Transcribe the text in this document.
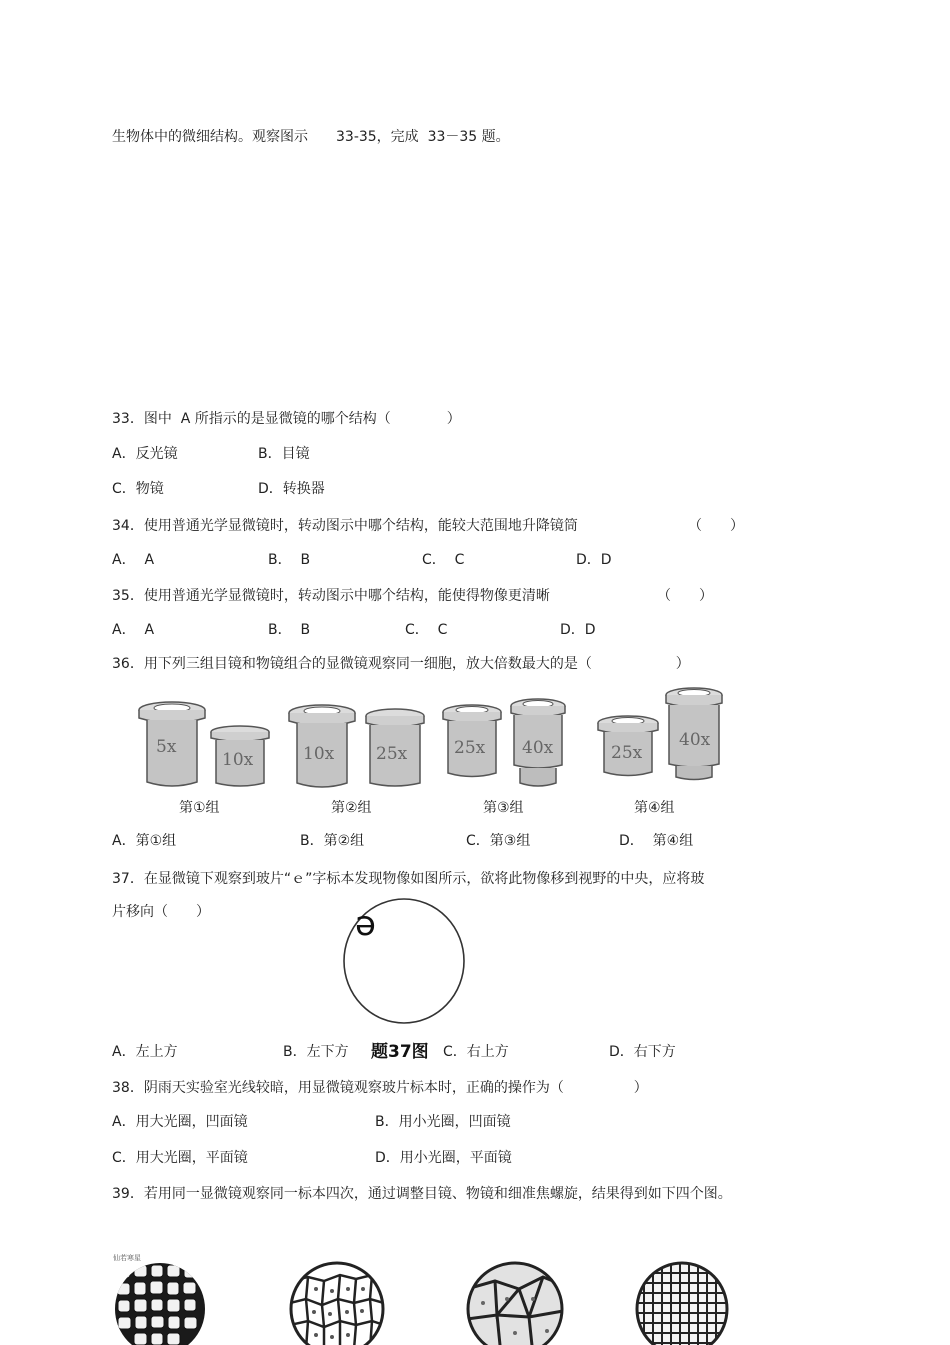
生物体中的微细结构。观察图示　　33-35，完成  33－35 题。
33．图中  A 所指示的是显微镜的哪个结构（　　　　）
A．反光镜	B．目镜
C．物镜	D．转换器
34．使用普通光学显微镜时，转动图示中哪个结构，能较大范围地升降镜筒	（　　）
A．  A	B．  B	C．  C	D．D
35．使用普通光学显微镜时，转动图示中哪个结构，能使得物像更清晰	（　　）
A．  A	B．  B	C．  C	D．D
36．用下列三组目镜和物镜组合的显微镜观察同一细胞，放大倍数最大的是（　　　　　　）
5x
10x
第①组
10x 25x
第②组
25x 40x
第③组
25x
40x
第④组
A．第①组	B．第②组	C．第③组	D．  第④组
37．在显微镜下观察到玻片“ｅ”字标本发现物像如图所示，欲将此物像移到视野的中央，应将玻
片移向（　　）	ə
题37图
A．左上方	B．左下方	C．右上方	D．右下方
38．阴雨天实验室光线较暗，用显微镜观察玻片标本时，正确的操作为（　　　　　）
A．用大光圈，凹面镜	B．用小光圈，凹面镜
C．用大光圈，平面镜	D．用小光圈，平面镜
39．若用同一显微镜观察同一标本四次，通过调整目镜、物镜和细准焦螺旋，结果得到如下四个图。
仙若寒星
